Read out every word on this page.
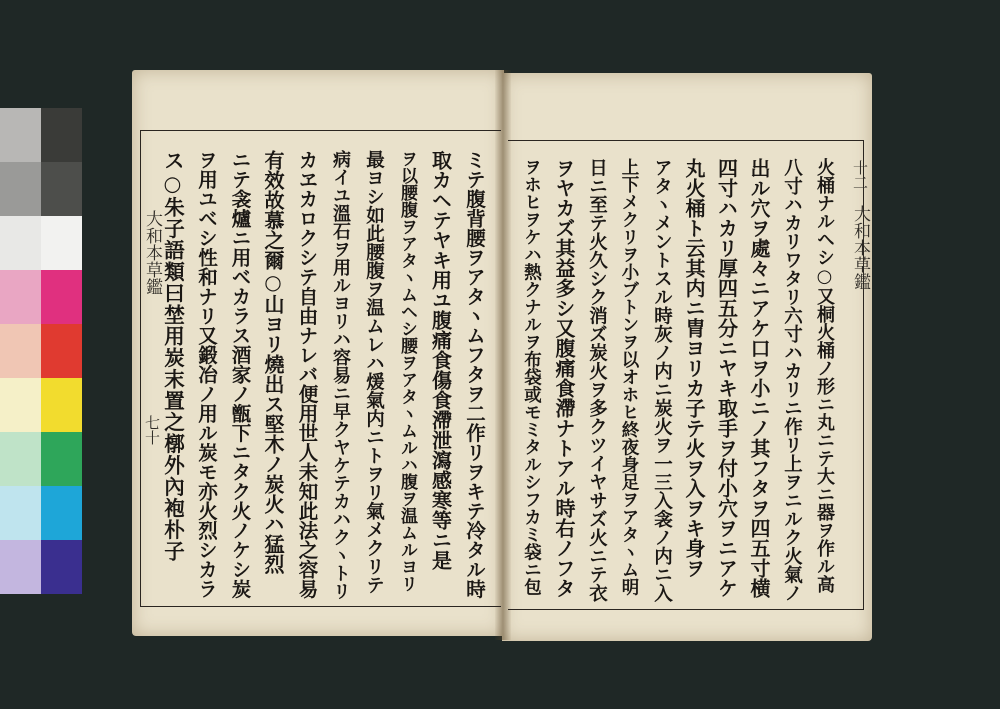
大和本草鑑	大和本草鑑
七十
十二
ミテ腹背腰ヲアタヽムフタヲ二作リヲキテ冷タル時
取カヘテヤキ用ユ腹痛食傷食滯泄瀉感寒等ニ是
ヲ以腰腹ヲアタヽムヘシ腰ヲアタヽムルハ腹ヲ温ムルヨリ
最ヨシ如此腰腹ヲ温ムレハ煖氣内ニトヲリ氣メクリテ
病イユ溫石ヲ用ルヨリハ容易ニ早クヤケテカハクヽトリ
カヱカロクシテ自由ナレバ便用世人未知此法之容易
有效故慕之爾○山ヨリ燒出ス堅木ノ炭火ハ猛烈
ニテ衾爐ニ用ベカラス酒家ノ甑下ニタク火ノケシ炭
ヲ用ユベシ性和ナリ又鍛冶ノ用ル炭モ亦火烈シカラ
ス○朱子語類曰埜用炭末置之槨外內袍朴子	火桶ナルヘシ○又桐火桶ノ形ニ丸ニテ大ニ器ヲ作ル高
八寸ハカリワタリ六寸ハカリニ作リ上ヲニルク火氣ノ
出ル穴ヲ處々ニアケ口ヲ小ニノ其フタヲ四五寸横
四寸ハカリ厚四五分ニヤキ取手ヲ付小穴ヲニアケ
丸火桶ト云其内ニ胄ヨリカ子テ火ヲ入ヲキ身ヲ
アタヽメントスル時灰ノ内ニ炭火ヲ一三入衾ノ内ニ入
上下メクリヲ小ブトンヲ以オホヒ終夜身足ヲアタヽム明
日ニ至テ火久シク消ズ炭火ヲ多クツイヤサズ火ニテ衣
ヲヤカズ其益多シ又腹痛食滯ナトアル時右ノフタ
ヲホヒヲケハ熱クナルヲ布袋或モミタルシフカミ袋ニ包
